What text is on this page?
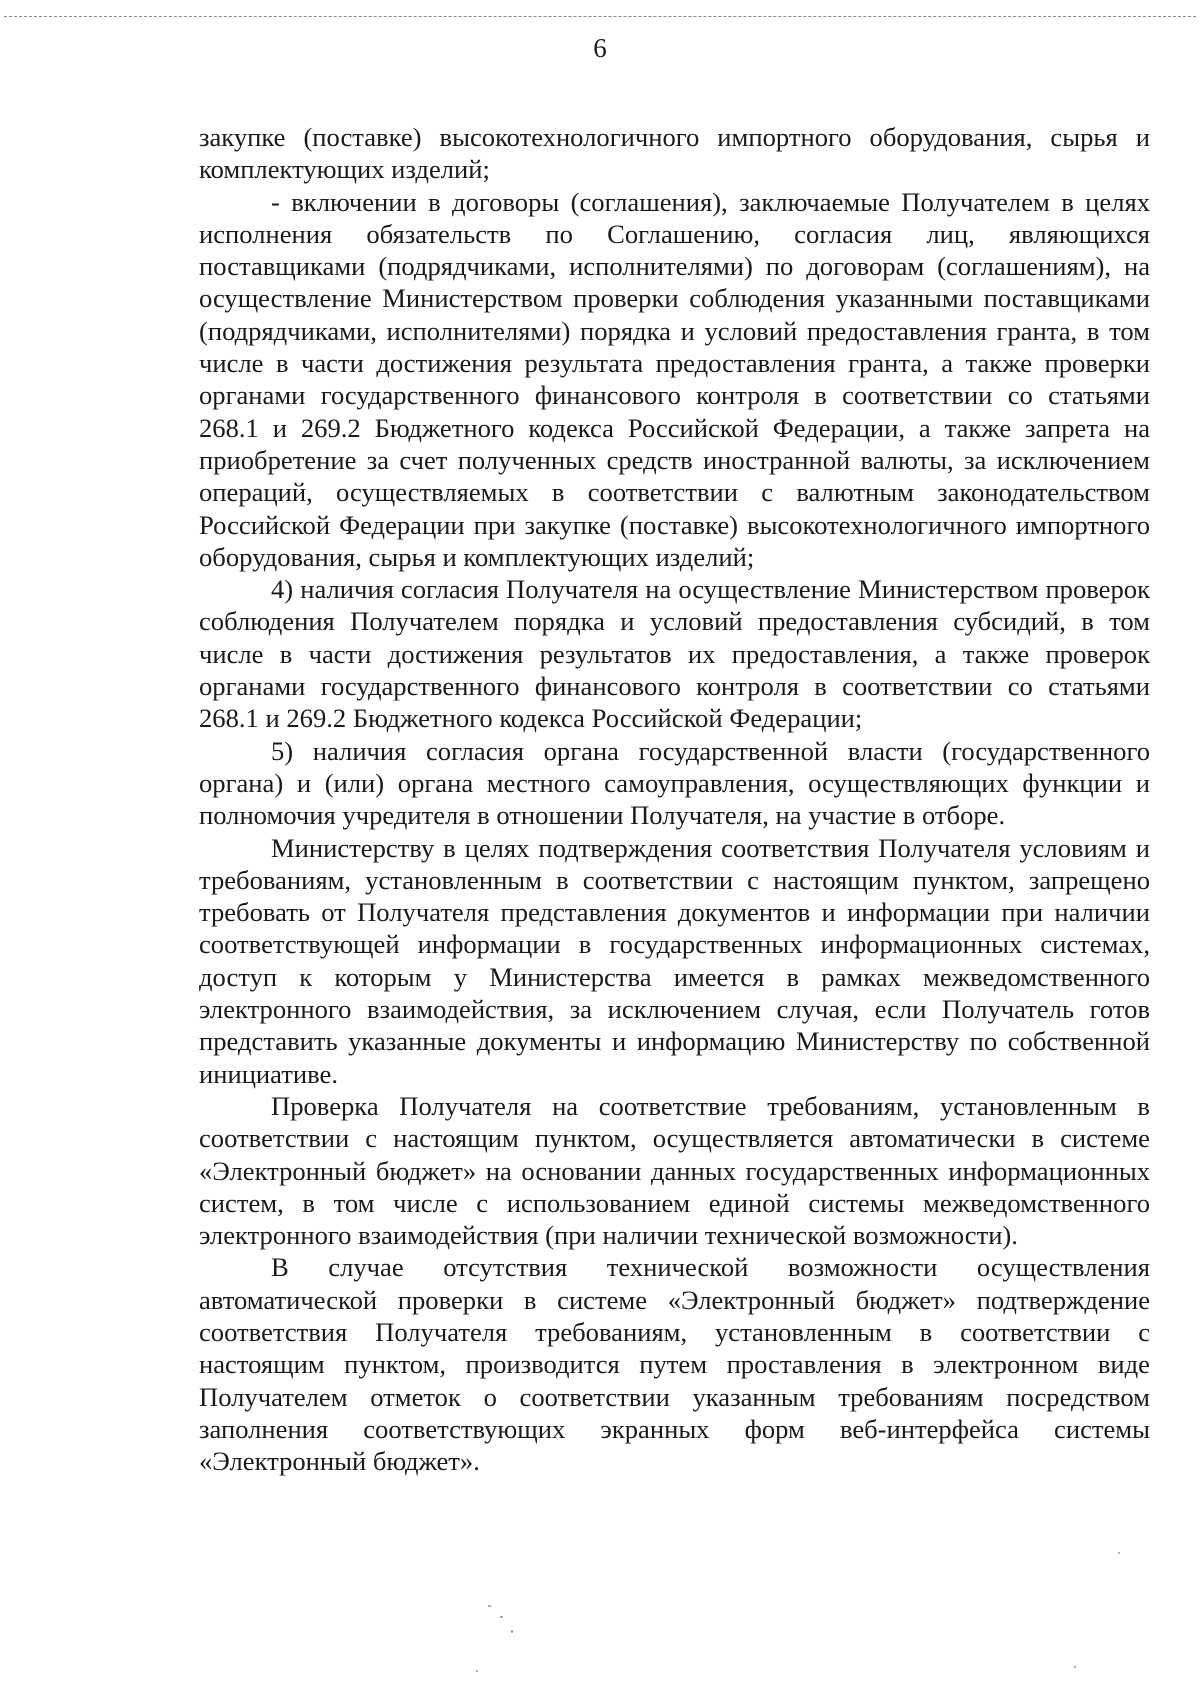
6

закупке (поставке) высокотехнологичного импортного оборудования, сырья и комплектующих изделий;

- включении в договоры (соглашения), заключаемые Получателем в целях исполнения обязательств по Соглашению, согласия лиц, являющихся поставщиками (подрядчиками, исполнителями) по договорам (соглашениям), на осуществление Министерством проверки соблюдения указанными поставщиками (подрядчиками, исполнителями) порядка и условий предоставления гранта, в том числе в части достижения результата предоставления гранта, а также проверки органами государственного финансового контроля в соответствии со статьями 268.1 и 269.2 Бюджетного кодекса Российской Федерации, а также запрета на приобретение за счет полученных средств иностранной валюты, за исключением операций, осуществляемых в соответствии с валютным законодательством Российской Федерации при закупке (поставке) высокотехнологичного импортного оборудования, сырья и комплектующих изделий;

4) наличия согласия Получателя на осуществление Министерством проверок соблюдения Получателем порядка и условий предоставления субсидий, в том числе в части достижения результатов их предоставления, а также проверок органами государственного финансового контроля в соответствии со статьями 268.1 и 269.2 Бюджетного кодекса Российской Федерации;

5) наличия согласия органа государственной власти (государственного органа) и (или) органа местного самоуправления, осуществляющих функции и полномочия учредителя в отношении Получателя, на участие в отборе.

Министерству в целях подтверждения соответствия Получателя условиям и требованиям, установленным в соответствии с настоящим пунктом, запрещено требовать от Получателя представления документов и информации при наличии соответствующей информации в государственных информационных системах, доступ к которым у Министерства имеется в рамках межведомственного электронного взаимодействия, за исключением случая, если Получатель готов представить указанные документы и информацию Министерству по собственной инициативе.

Проверка Получателя на соответствие требованиям, установленным в соответствии с настоящим пунктом, осуществляется автоматически в системе «Электронный бюджет» на основании данных государственных информационных систем, в том числе с использованием единой системы межведомственного электронного взаимодействия (при наличии технической возможности).

В случае отсутствия технической возможности осуществления автоматической проверки в системе «Электронный бюджет» подтверждение соответствия Получателя требованиям, установленным в соответствии с настоящим пунктом, производится путем проставления в электронном виде Получателем отметок о соответствии указанным требованиям посредством заполнения соответствующих экранных форм веб-интерфейса системы «Электронный бюджет».
